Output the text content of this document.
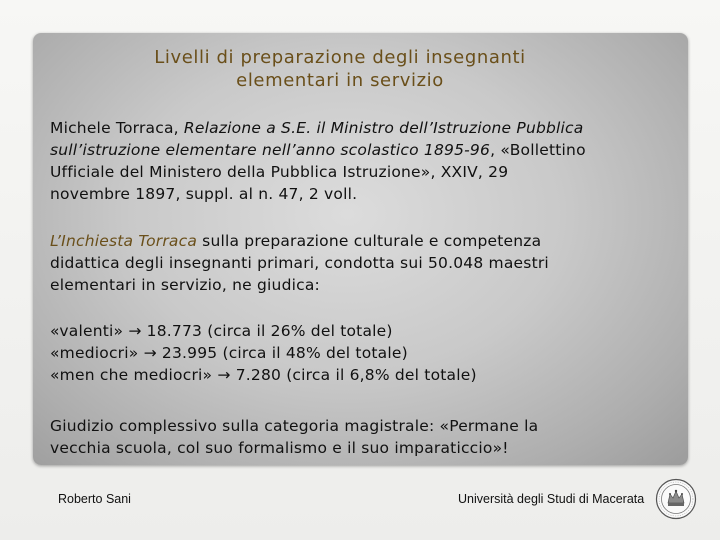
Livelli di preparazione degli insegnanti
elementari in servizio
Michele Torraca, Relazione a S.E. il Ministro dell’Istruzione Pubblica
sull’istruzione elementare nell’anno scolastico 1895-96, «Bollettino
Ufficiale del Ministero della Pubblica Istruzione», XXIV, 29
novembre 1897, suppl. al n. 47, 2 voll.
L’Inchiesta Torraca sulla preparazione culturale e competenza
didattica degli insegnanti primari, condotta sui 50.048 maestri
elementari in servizio, ne giudica:
«valenti» → 18.773 (circa il 26% del totale)
«mediocri» → 23.995 (circa il 48% del totale)
«men che mediocri» → 7.280 (circa il 6,8% del totale)
Giudizio complessivo sulla categoria magistrale: «Permane la
vecchia scuola, col suo formalismo e il suo imparaticcio»!
Roberto Sani	Università degli Studi di Macerata
